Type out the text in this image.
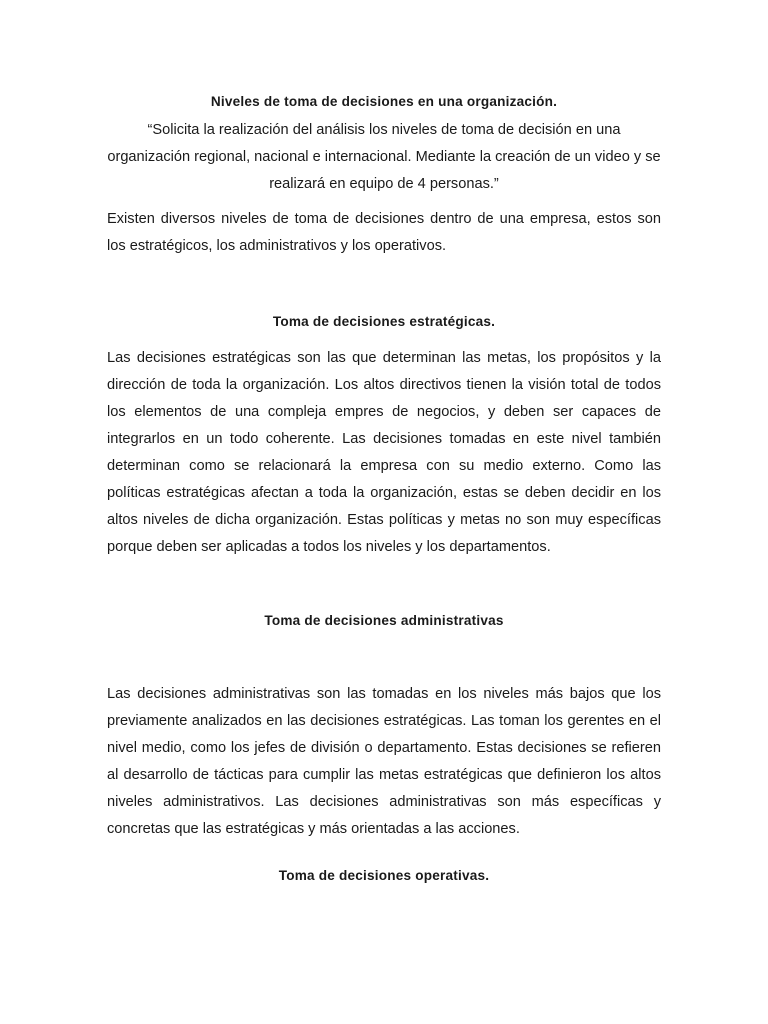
Niveles de toma de decisiones en una organización.

“Solicita la realización del análisis los niveles de toma de decisión en una organización regional, nacional e internacional. Mediante la creación de un video y se realizará en equipo de 4 personas.”

Existen diversos niveles de toma de decisiones dentro de una empresa, estos son los estratégicos, los administrativos y los operativos.

Toma de decisiones estratégicas.

Las decisiones estratégicas son las que determinan las metas, los propósitos y la dirección de toda la organización. Los altos directivos tienen la visión total de todos los elementos de una compleja empres de negocios, y deben ser capaces de integrarlos en un todo coherente. Las decisiones tomadas en este nivel también determinan como se relacionará la empresa con su medio externo. Como las políticas estratégicas afectan a toda la organización, estas se deben decidir en los altos niveles de dicha organización. Estas políticas y metas no son muy específicas porque deben ser aplicadas a todos los niveles y los departamentos.

Toma de decisiones administrativas

Las decisiones administrativas son las tomadas en los niveles más bajos que los previamente analizados en las decisiones estratégicas. Las toman los gerentes en el nivel medio, como los jefes de división o departamento. Estas decisiones se refieren al desarrollo de tácticas para cumplir las metas estratégicas que definieron los altos niveles administrativos. Las decisiones administrativas son más específicas y concretas que las estratégicas y más orientadas a las acciones.

Toma de decisiones operativas.
